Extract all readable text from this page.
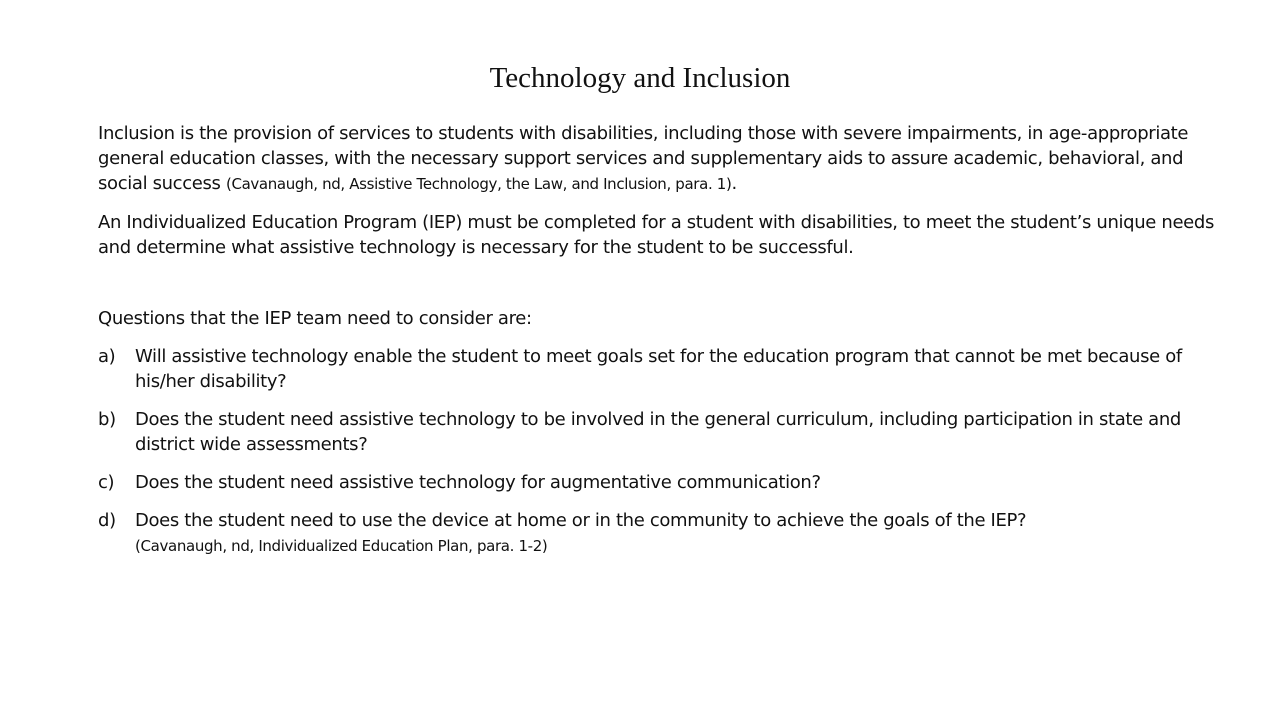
Technology and Inclusion

Inclusion is the provision of services to students with disabilities, including those with severe impairments, in age-appropriate general education classes, with the necessary support services and supplementary aids to assure academic, behavioral, and social success (Cavanaugh, nd, Assistive Technology, the Law, and Inclusion, para. 1).

An Individualized Education Program (IEP) must be completed for a student with disabilities, to meet the student’s unique needs and determine what assistive technology is necessary for the student to be successful.

Questions that the IEP team need to consider are:

a)	Will assistive technology enable the student to meet goals set for the education program that cannot be met because of his/her disability?
b)	Does the student need assistive technology to be involved in the general curriculum, including participation in state and district wide assessments?
c)	Does the student need assistive technology for augmentative communication?
d)	Does the student need to use the device at home or in the community to achieve the goals of the IEP?
(Cavanaugh, nd, Individualized Education Plan, para. 1-2)
